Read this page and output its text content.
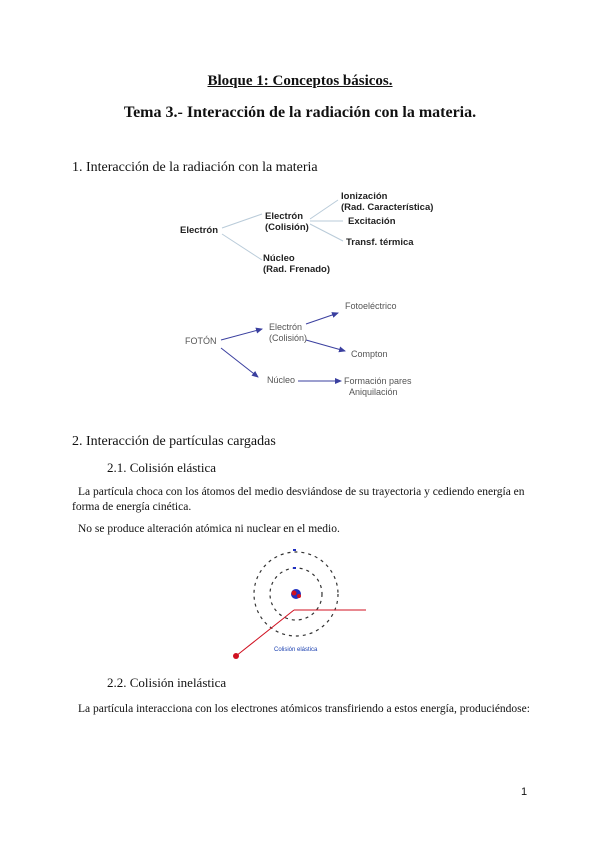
Bloque 1: Conceptos básicos.
Tema 3.- Interacción de la radiación con la materia.
1. Interacción de la radiación con la materia
Electrón
Electrón
(Colisión)
Núcleo
(Rad. Frenado)
Ionización
(Rad. Característica)
Excitación
Transf. térmica
FOTÓN
Electrón
(Colisión)
Fotoeléctrico
Compton
Núcleo	Formación pares
Aniquilación
2. Interacción de partículas cargadas
2.1. Colisión elástica
La partícula choca con los átomos del medio desviándose de su trayectoria y cediendo energía en forma de energía cinética.
No se produce alteración atómica ni nuclear en el medio.
Colisión elástica
2.2. Colisión inelástica
La partícula interacciona con los electrones atómicos transfiriendo a estos energía, produciéndose:
1
